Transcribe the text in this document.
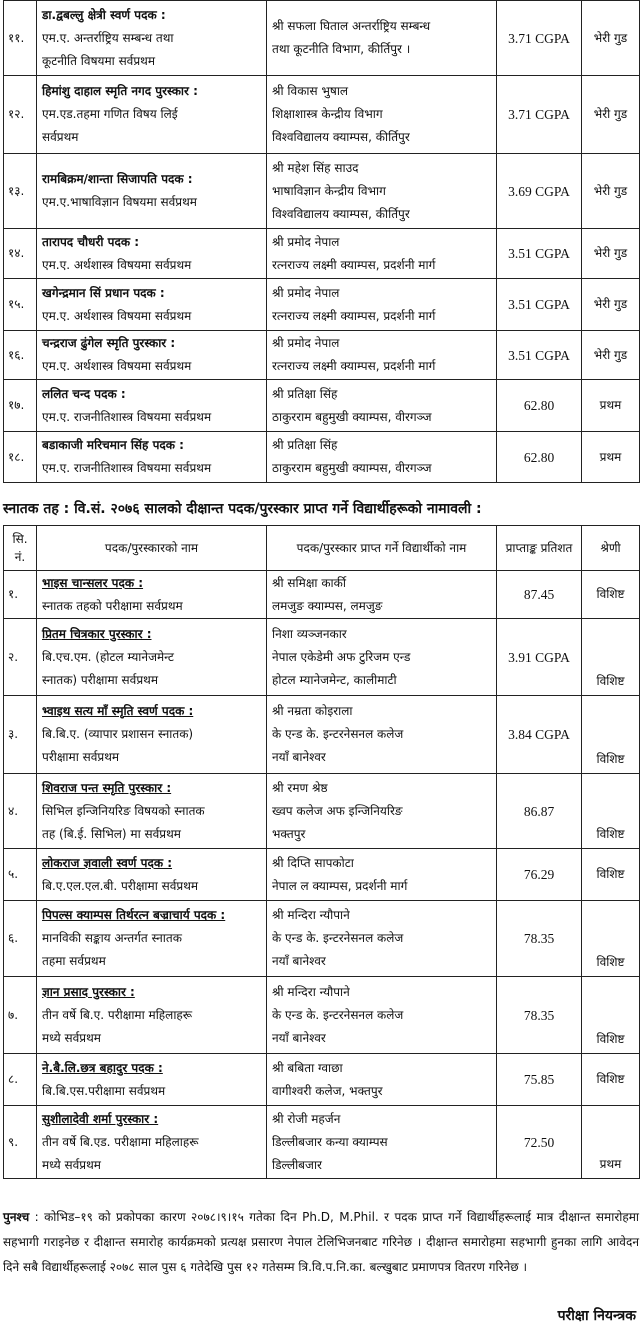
११.	डा.द्वबल्लु क्षेत्री स्वर्ण पदक :
एम.ए. अन्तर्राष्ट्रिय सम्बन्ध तथा
कूटनीति विषयमा सर्वप्रथम	श्री सफला घिताल अन्तर्राष्ट्रिय सम्बन्ध
तथा कूटनीति विभाग, कीर्तिपुर ।	3.71 CGPA	भेरी गुड
१२.	हिमांशु दाहाल स्मृति नगद पुरस्कार :
एम.एड.तहमा गणित विषय लिई
सर्वप्रथम	श्री विकास भुषाल
शिक्षाशास्त्र केन्द्रीय विभाग
विश्वविद्यालय क्याम्पस, कीर्तिपुर	3.71 CGPA	भेरी गुड
१३.	रामबिक्रम/शान्ता सिजापति पदक :
एम.ए.भाषाविज्ञान विषयमा सर्वप्रथम	श्री महेश सिंह साउद
भाषाविज्ञान केन्द्रीय विभाग
विश्वविद्यालय क्याम्पस, कीर्तिपुर	3.69 CGPA	भेरी गुड
१४.	तारापद चौधरी पदक :
एम.ए. अर्थशास्त्र विषयमा सर्वप्रथम	श्री प्रमोद नेपाल
रत्नराज्य लक्ष्मी क्याम्पस, प्रदर्शनी मार्ग	3.51 CGPA	भेरी गुड
१५.	खगेन्द्रमान सिं प्रधान पदक :
एम.ए. अर्थशास्त्र विषयमा सर्वप्रथम	श्री प्रमोद नेपाल
रत्नराज्य लक्ष्मी क्याम्पस, प्रदर्शनी मार्ग	3.51 CGPA	भेरी गुड
१६.	चन्द्रराज ढुंगेल स्मृति पुरस्कार :
एम.ए. अर्थशास्त्र विषयमा सर्वप्रथम	श्री प्रमोद नेपाल
रत्नराज्य लक्ष्मी क्याम्पस, प्रदर्शनी मार्ग	3.51 CGPA	भेरी गुड
१७.	ललित चन्द पदक :
एम.ए. राजनीतिशास्त्र विषयमा सर्वप्रथम	श्री प्रतिक्षा सिंह
ठाकुरराम बहुमुखी क्याम्पस, वीरगञ्ज	62.80	प्रथम
१८.	बडाकाजी मरिचमान सिंह पदक :
एम.ए. राजनीतिशास्त्र विषयमा सर्वप्रथम	श्री प्रतिक्षा सिंह
ठाकुरराम बहुमुखी क्याम्पस, वीरगञ्ज	62.80	प्रथम
स्नातक तह : वि.सं. २०७६ सालको दीक्षान्त पदक/पुरस्कार प्राप्त गर्ने विद्यार्थीहरूको नामावली :
सि. नं.	पदक/पुरस्कारको नाम	पदक/पुरस्कार प्राप्त गर्ने विद्यार्थीको नाम	प्राप्ताङ्क प्रतिशत	श्रेणी
१.	भाइस चान्सलर पदक :
स्नातक तहको परीक्षामा सर्वप्रथम	श्री समिक्षा कार्की
लमजुङ क्याम्पस, लमजुङ	87.45	विशिष्ट
२.	प्रितम चित्रकार पुरस्कार :
बि.एच.एम. (होटल म्यानेजमेन्ट
स्नातक) परीक्षामा सर्वप्रथम	निशा व्यञ्जनकार
नेपाल एकेडेमी अफ टुरिजम एन्ड
होटल म्यानेजमेन्ट, कालीमाटी	3.91 CGPA	विशिष्ट
३.	भ्वाइथ सत्य माँ स्मृति स्वर्ण पदक :
बि.बि.ए. (व्यापार प्रशासन स्नातक)
परीक्षामा सर्वप्रथम	श्री नम्रता कोइराला
के एन्ड के. इन्टरनेसनल कलेज
नयाँ बानेश्वर	3.84 CGPA	विशिष्ट
४.	शिवराज पन्त स्मृति पुरस्कार :
सिभिल इन्जिनियरिङ विषयको स्नातक
तह (बि.ई. सिभिल) मा सर्वप्रथम	श्री रमण श्रेष्ठ
ख्वप कलेज अफ इन्जिनियरिङ
भक्तपुर	86.87	विशिष्ट
५.	लोकराज ज्ञवाली स्वर्ण पदक :
बि.ए.एल.एल.बी. परीक्षामा सर्वप्रथम	श्री दिप्ति सापकोटा
नेपाल ल क्याम्पस, प्रदर्शनी मार्ग	76.29	विशिष्ट
६.	पिपल्स क्याम्पस तिर्थरत्न बज्राचार्य पदक :
मानविकी सङ्काय अन्तर्गत स्नातक
तहमा सर्वप्रथम	श्री मन्दिरा न्यौपाने
के एन्ड के. इन्टरनेसनल कलेज
नयाँ बानेश्वर	78.35	विशिष्ट
७.	ज्ञान प्रसाद पुरस्कार :
तीन वर्षे बि.ए. परीक्षामा महिलाहरू
मध्ये सर्वप्रथम	श्री मन्दिरा न्यौपाने
के एन्ड के. इन्टरनेसनल कलेज
नयाँ बानेश्वर	78.35	विशिष्ट
८.	ने.बै.लि.छत्र बहादुर पदक :
बि.बि.एस.परीक्षामा सर्वप्रथम	श्री बबिता ग्वाछा
वागीश्वरी कलेज, भक्तपुर	75.85	विशिष्ट
९.	सुशीलादेवी शर्मा पुरस्कार :
तीन वर्षे बि.एड. परीक्षामा महिलाहरू
मध्ये सर्वप्रथम	श्री रोजी महर्जन
डिल्लीबजार कन्या क्याम्पस
डिल्लीबजार	72.50	प्रथम
पुनश्च : कोभिड–१९ को प्रकोपका कारण २०७८।९।१५ गतेका दिन Ph.D, M.Phil. र पदक प्राप्त गर्ने विद्यार्थीहरूलाई मात्र दीक्षान्त समारोहमा सहभागी गराइनेछ र दीक्षान्त समारोह कार्यक्रमको प्रत्यक्ष प्रसारण नेपाल टेलिभिजनबाट गरिनेछ । दीक्षान्त समारोहमा सहभागी हुनका लागि आवेदन दिने सबै विद्यार्थीहरूलाई २०७८ साल पुस ६ गतेदेखि पुस १२ गतेसम्म त्रि.वि.प.नि.का. बल्खुबाट प्रमाणपत्र वितरण गरिनेछ ।
परीक्षा नियन्त्रक
